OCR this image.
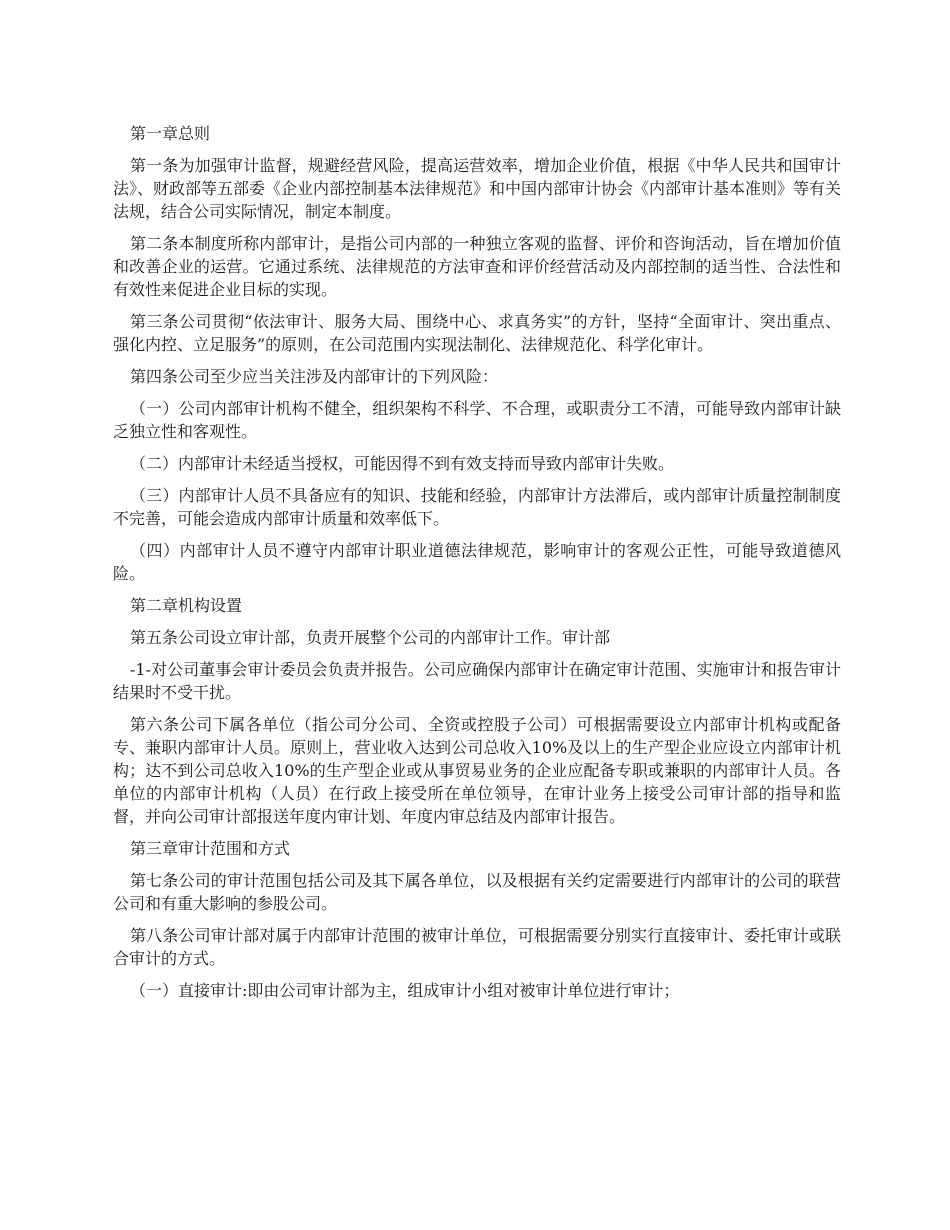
第一章总则

第一条为加强审计监督，规避经营风险，提高运营效率，增加企业价值，根据《中华人民共和国审计法》、财政部等五部委《企业内部控制基本法律规范》和中国内部审计协会《内部审计基本准则》等有关法规，结合公司实际情况，制定本制度。

第二条本制度所称内部审计，是指公司内部的一种独立客观的监督、评价和咨询活动，旨在增加价值和改善企业的运营。它通过系统、法律规范的方法审查和评价经营活动及内部控制的适当性、合法性和有效性来促进企业目标的实现。

第三条公司贯彻“依法审计、服务大局、围绕中心、求真务实”的方针，坚持“全面审计、突出重点、强化内控、立足服务”的原则，在公司范围内实现法制化、法律规范化、科学化审计。

第四条公司至少应当关注涉及内部审计的下列风险：

（一）公司内部审计机构不健全，组织架构不科学、不合理，或职责分工不清，可能导致内部审计缺乏独立性和客观性。

（二）内部审计未经适当授权，可能因得不到有效支持而导致内部审计失败。

（三）内部审计人员不具备应有的知识、技能和经验，内部审计方法滞后，或内部审计质量控制制度不完善，可能会造成内部审计质量和效率低下。

（四）内部审计人员不遵守内部审计职业道德法律规范，影响审计的客观公正性，可能导致道德风险。

第二章机构设置

第五条公司设立审计部，负责开展整个公司的内部审计工作。审计部

-1-对公司董事会审计委员会负责并报告。公司应确保内部审计在确定审计范围、实施审计和报告审计结果时不受干扰。

第六条公司下属各单位（指公司分公司、全资或控股子公司）可根据需要设立内部审计机构或配备专、兼职内部审计人员。原则上，营业收入达到公司总收入10%及以上的生产型企业应设立内部审计机构；达不到公司总收入10%的生产型企业或从事贸易业务的企业应配备专职或兼职的内部审计人员。各单位的内部审计机构（人员）在行政上接受所在单位领导，在审计业务上接受公司审计部的指导和监督，并向公司审计部报送年度内审计划、年度内审总结及内部审计报告。

第三章审计范围和方式

第七条公司的审计范围包括公司及其下属各单位，以及根据有关约定需要进行内部审计的公司的联营公司和有重大影响的参股公司。

第八条公司审计部对属于内部审计范围的被审计单位，可根据需要分别实行直接审计、委托审计或联合审计的方式。

（一）直接审计:即由公司审计部为主，组成审计小组对被审计单位进行审计；
